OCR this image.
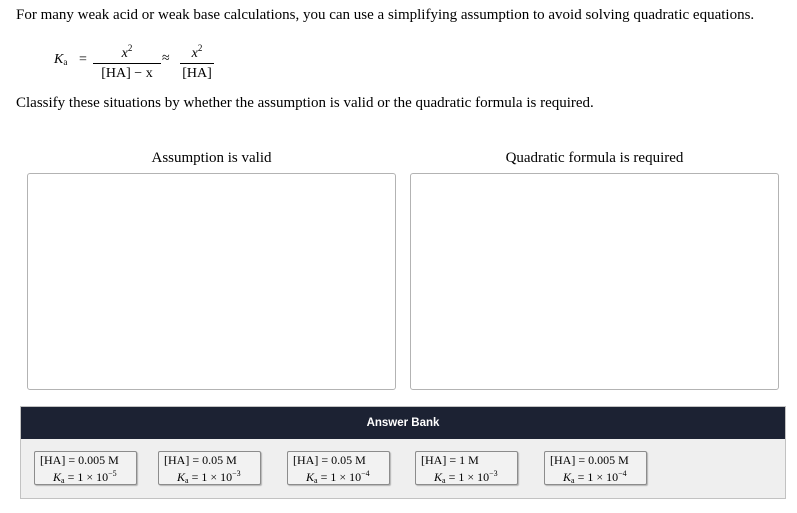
For many weak acid or weak base calculations, you can use a simplifying assumption to avoid solving quadratic equations.

$K_a$ =	$x^2$
[HA] − x
≈	$x^2$
[HA]

Classify these situations by whether the assumption is valid or the quadratic formula is required.

Assumption is valid	Quadratic formula is required
Answer Bank
[HA] = 0.005 M
$K_a = 1 \times 10^{-5}$
[HA] = 0.05 M
$K_a = 1 \times 10^{-3}$
[HA] = 0.05 M
$K_a = 1 \times 10^{-4}$
[HA] = 1 M
$K_a = 1 \times 10^{-3}$
[HA] = 0.005 M
$K_a = 1 \times 10^{-4}$
